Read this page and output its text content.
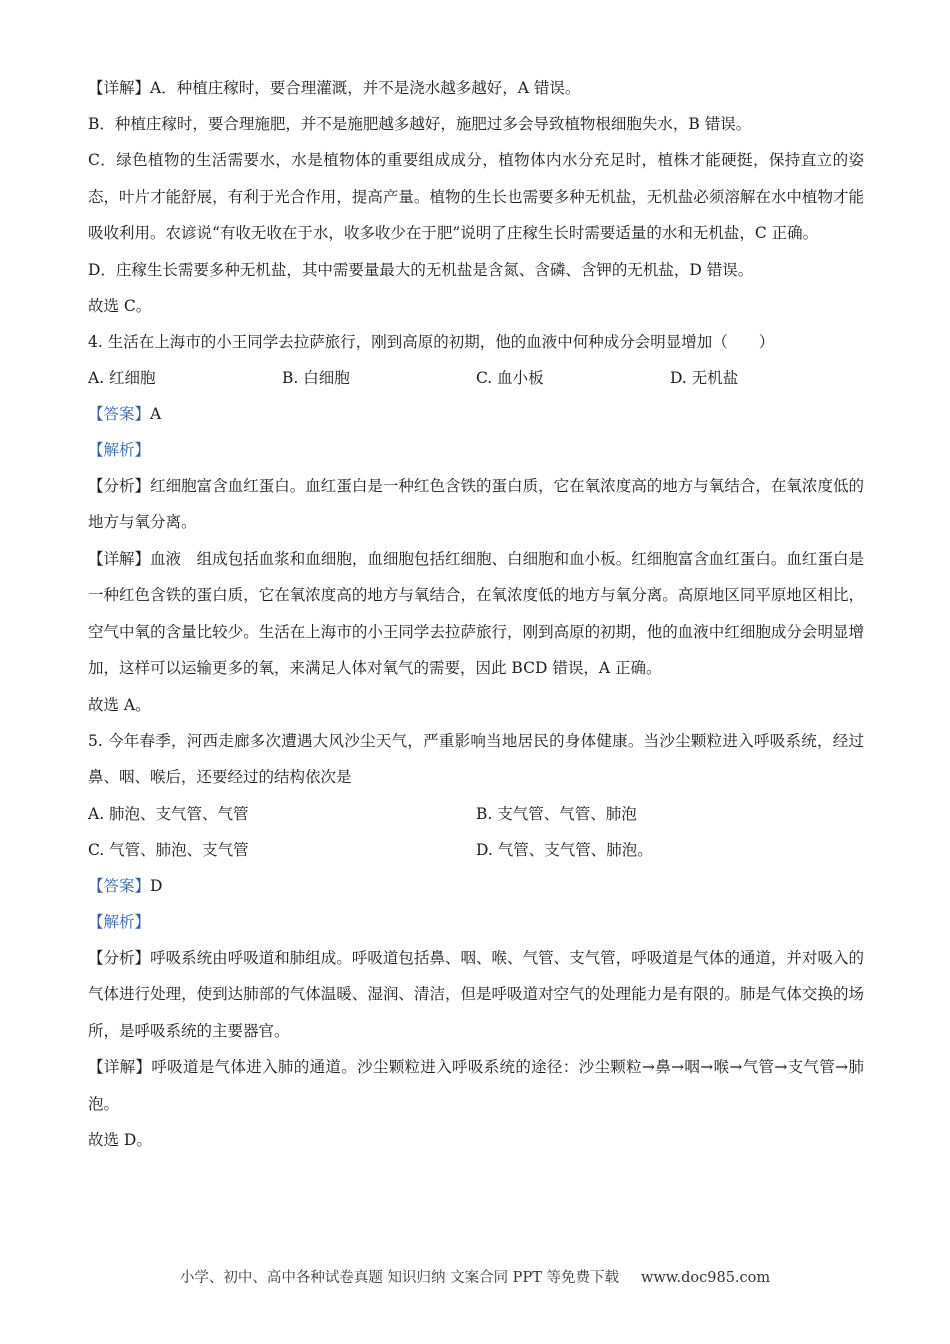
【详解】A．种植庄稼时，要合理灌溉，并不是浇水越多越好，A 错误。
B．种植庄稼时，要合理施肥，并不是施肥越多越好，施肥过多会导致植物根细胞失水，B 错误。
C．绿色植物的生活需要水，水是植物体的重要组成成分，植物体内水分充足时，植株才能硬挺，保持直立的姿态，叶片才能舒展，有利于光合作用，提高产量。植物的生长也需要多种无机盐，无机盐必须溶解在水中植物才能吸收利用。农谚说“有收无收在于水，收多收少在于肥”说明了庄稼生长时需要适量的水和无机盐，C 正确。
D．庄稼生长需要多种无机盐，其中需要量最大的无机盐是含氮、含磷、含钾的无机盐，D 错误。
故选 C。
4. 生活在上海市的小王同学去拉萨旅行，刚到高原的初期，他的血液中何种成分会明显增加（　　）
A. 红细胞	B. 白细胞	C. 血小板	D. 无机盐
【答案】A
【解析】
【分析】红细胞富含血红蛋白。血红蛋白是一种红色含铁的蛋白质，它在氧浓度高的地方与氧结合，在氧浓度低的地方与氧分离。
【详解】血液　组成包括血浆和血细胞，血细胞包括红细胞、白细胞和血小板。红细胞富含血红蛋白。血红蛋白是一种红色含铁的蛋白质，它在氧浓度高的地方与氧结合，在氧浓度低的地方与氧分离。高原地区同平原地区相比，空气中氧的含量比较少。生活在上海市的小王同学去拉萨旅行，刚到高原的初期，他的血液中红细胞成分会明显增加，这样可以运输更多的氧，来满足人体对氧气的需要，因此 BCD 错误，A 正确。
故选 A。
5. 今年春季，河西走廊多次遭遇大风沙尘天气，严重影响当地居民的身体健康。当沙尘颗粒进入呼吸系统，经过鼻、咽、喉后，还要经过的结构依次是
A. 肺泡、支气管、气管	B. 支气管、气管、肺泡
C. 气管、肺泡、支气管	D. 气管、支气管、肺泡。
【答案】D
【解析】
【分析】呼吸系统由呼吸道和肺组成。呼吸道包括鼻、咽、喉、气管、支气管，呼吸道是气体的通道，并对吸入的气体进行处理，使到达肺部的气体温暖、湿润、清洁，但是呼吸道对空气的处理能力是有限的。肺是气体交换的场所，是呼吸系统的主要器官。
【详解】呼吸道是气体进入肺的通道。沙尘颗粒进入呼吸系统的途径：沙尘颗粒→鼻→咽→喉→气管→支气管→肺泡。
故选 D。
小学、初中、高中各种试卷真题 知识归纳 文案合同 PPT 等免费下载 www.doc985.com
